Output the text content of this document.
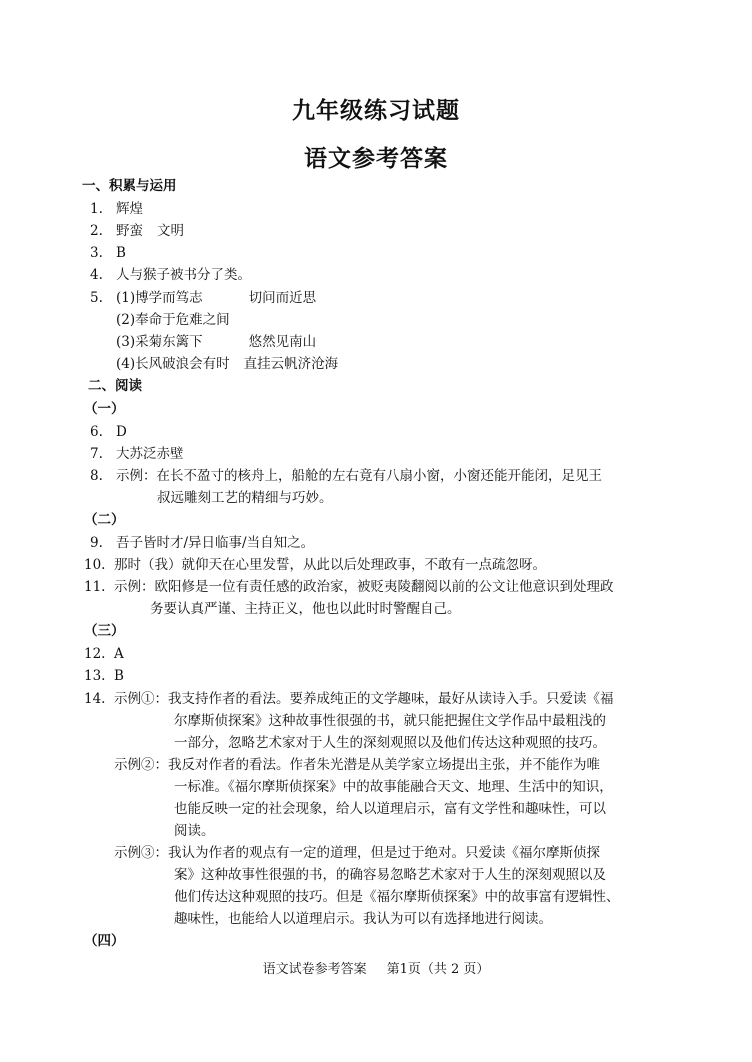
九年级练习试题
语文参考答案
一、积累与运用
1. 辉煌
2. 野蛮 文明
3. B
4. 人与猴子被书分了类。
5. (1)博学而笃志	切问而近思
(2)奉命于危难之间
(3)采菊东篱下	悠然见南山
(4)长风破浪会有时 直挂云帆济沧海
二、阅读
（一）
6. D
7. 大苏泛赤壁
8. 示例：在长不盈寸的核舟上，船舱的左右竟有八扇小窗，小窗还能开能闭，足见王
叔远雕刻工艺的精细与巧妙。
（二）
9. 吾子皆时才/异日临事/当自知之。
10. 那时（我）就仰天在心里发誓，从此以后处理政事，不敢有一点疏忽呀。
11. 示例：欧阳修是一位有责任感的政治家，被贬夷陵翻阅以前的公文让他意识到处理政
务要认真严谨、主持正义，他也以此时时警醒自己。
（三）
12. A
13. B
14. 示例①：我支持作者的看法。要养成纯正的文学趣味，最好从读诗入手。只爱读《福
尔摩斯侦探案》这种故事性很强的书，就只能把握住文学作品中最粗浅的
一部分，忽略艺术家对于人生的深刻观照以及他们传达这种观照的技巧。
示例②：我反对作者的看法。作者朱光潜是从美学家立场提出主张，并不能作为唯
一标准。《福尔摩斯侦探案》中的故事能融合天文、地理、生活中的知识，
也能反映一定的社会现象，给人以道理启示，富有文学性和趣味性，可以
阅读。
示例③：我认为作者的观点有一定的道理，但是过于绝对。只爱读《福尔摩斯侦探
案》这种故事性很强的书，的确容易忽略艺术家对于人生的深刻观照以及
他们传达这种观照的技巧。但是《福尔摩斯侦探案》中的故事富有逻辑性、
趣味性，也能给人以道理启示。我认为可以有选择地进行阅读。
（四）
语文试卷参考答案 第1页（共 2 页）
